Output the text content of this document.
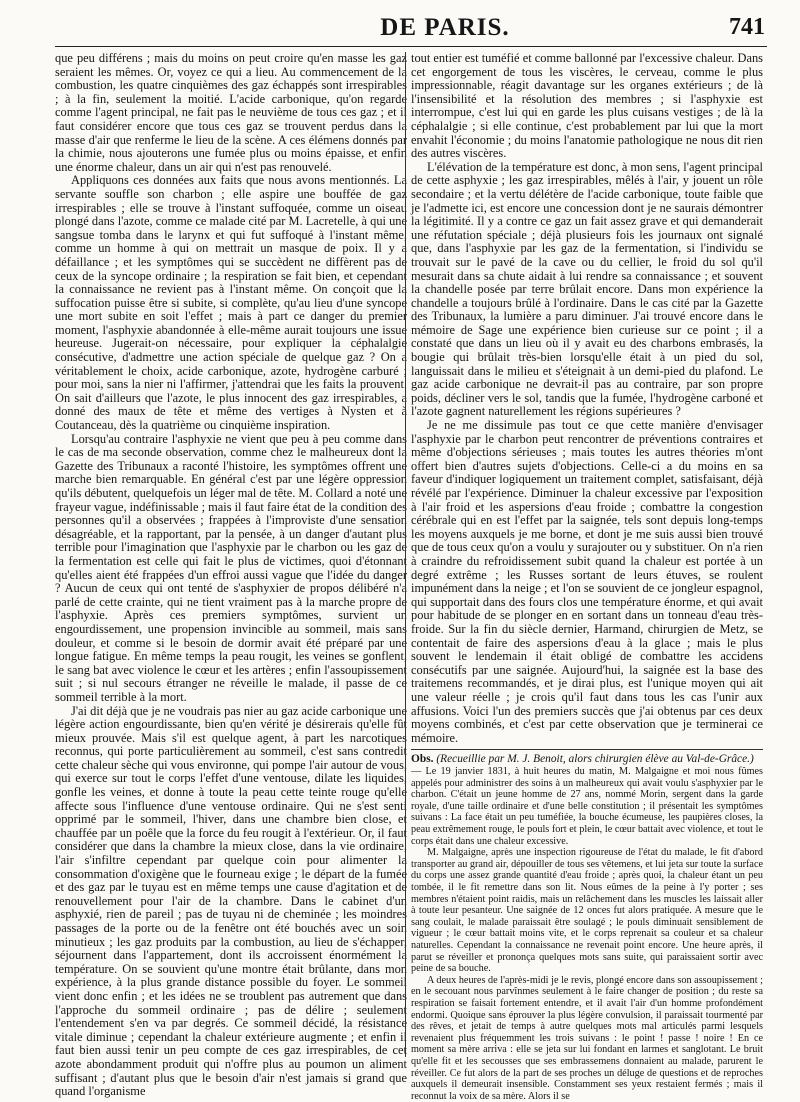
DE PARIS.	741

que peu différens ; mais du moins on peut croire qu'en masse les gaz seraient les mêmes. Or, voyez ce qui a lieu. Au commencement de la combustion, les quatre cinquièmes des gaz échappés sont irrespirables ; à la fin, seulement la moitié. L'acide carbonique, qu'on regarde comme l'agent principal, ne fait pas le neuvième de tous ces gaz ; et il faut considérer encore que tous ces gaz se trouvent perdus dans la masse d'air que renferme le lieu de la scène. A ces élémens donnés par la chimie, nous ajouterons une fumée plus ou moins épaisse, et enfin une énorme chaleur, dans un air qui n'est pas renouvelé.

Appliquons ces données aux faits que nous avons mentionnés. La servante souffle son charbon ; elle aspire une bouffée de gaz irrespirables ; elle se trouve à l'instant suffoquée, comme un oiseau plongé dans l'azote, comme ce malade cité par M. Lacretelle, à qui une sangsue tomba dans le larynx et qui fut suffoqué à l'instant même, comme un homme à qui on mettrait un masque de poix. Il y a défaillance ; et les symptômes qui se succèdent ne diffèrent pas de ceux de la syncope ordinaire ; la respiration se fait bien, et cependant la connaissance ne revient pas à l'instant même. On conçoit que la suffocation puisse être si subite, si complète, qu'au lieu d'une syncope une mort subite en soit l'effet ; mais à part ce danger du premier moment, l'asphyxie abandonnée à elle-même aurait toujours une issue heureuse. Jugerait-on nécessaire, pour expliquer la céphalalgie consécutive, d'admettre une action spéciale de quelque gaz ? On a véritablement le choix, acide carbonique, azote, hydrogène carburé ; pour moi, sans la nier ni l'affirmer, j'attendrai que les faits la prouvent. On sait d'ailleurs que l'azote, le plus innocent des gaz irrespirables, a donné des maux de tête et même des vertiges à Nysten et à Coutanceau, dès la quatrième ou cinquième inspiration.

Lorsqu'au contraire l'asphyxie ne vient que peu à peu comme dans le cas de ma seconde observation, comme chez le malheureux dont la Gazette des Tribunaux a raconté l'histoire, les symptômes offrent une marche bien remarquable. En général c'est par une légère oppression qu'ils débutent, quelquefois un léger mal de tête. M. Collard a noté une frayeur vague, indéfinissable ; mais il faut faire état de la condition des personnes qu'il a observées ; frappées à l'improviste d'une sensation désagréable, et la rapportant, par la pensée, à un danger d'autant plus terrible pour l'imagination que l'asphyxie par le charbon ou les gaz de la fermentation est celle qui fait le plus de victimes, quoi d'étonnant qu'elles aient été frappées d'un effroi aussi vague que l'idée du danger ? Aucun de ceux qui ont tenté de s'asphyxier de propos délibéré n'a parlé de cette crainte, qui ne tient vraiment pas à la marche propre de l'asphyxie. Après ces premiers symptômes, survient un engourdissement, une propension invincible au sommeil, mais sans douleur, et comme si le besoin de dormir avait été préparé par une longue fatigue. En même temps la peau rougit, les veines se gonflent, le sang bat avec violence le cœur et les artères ; enfin l'assoupissement suit ; si nul secours étranger ne réveille le malade, il passe de ce sommeil terrible à la mort.

J'ai dit déjà que je ne voudrais pas nier au gaz acide carbonique une légère action engourdissante, bien qu'en vérité je désirerais qu'elle fût mieux prouvée. Mais s'il est quelque agent, à part les narcotiques reconnus, qui porte particulièrement au sommeil, c'est sans contredit cette chaleur sèche qui vous environne, qui pompe l'air autour de vous, qui exerce sur tout le corps l'effet d'une ventouse, dilate les liquides, gonfle les veines, et donne à toute la peau cette teinte rouge qu'elle affecte sous l'influence d'une ventouse ordinaire. Qui ne s'est senti opprimé par le sommeil, l'hiver, dans une chambre bien close, et chauffée par un poêle que la force du feu rougit à l'extérieur. Or, il faut considérer que dans la chambre la mieux close, dans la vie ordinaire, l'air s'infiltre cependant par quelque coin pour alimenter la consommation d'oxigène que le fourneau exige ; le départ de la fumée et des gaz par le tuyau est en même temps une cause d'agitation et de renouvellement pour l'air de la chambre. Dans le cabinet d'un asphyxié, rien de pareil ; pas de tuyau ni de cheminée ; les moindres passages de la porte ou de la fenêtre ont été bouchés avec un soin minutieux ; les gaz produits par la combustion, au lieu de s'échapper, séjournent dans l'appartement, dont ils accroissent énormément la température. On se souvient qu'une montre était brûlante, dans mon expérience, à la plus grande distance possible du foyer. Le sommeil vient donc enfin ; et les idées ne se troublent pas autrement que dans l'approche du sommeil ordinaire ; pas de délire ; seulement l'entendement s'en va par degrés. Ce sommeil décidé, la résistance vitale diminue ; cependant la chaleur extérieure augmente ; et enfin il faut bien aussi tenir un peu compte de ces gaz irrespirables, de cet azote abondamment produit qui n'offre plus au poumon un aliment suffisant ; d'autant plus que le besoin d'air n'est jamais si grand que quand l'organisme

tout entier est tuméfié et comme ballonné par l'excessive chaleur. Dans cet engorgement de tous les viscères, le cerveau, comme le plus impressionnable, réagit davantage sur les organes extérieurs ; de là l'insensibilité et la résolution des membres ; si l'asphyxie est interrompue, c'est lui qui en garde les plus cuisans vestiges ; de là la céphalalgie ; si elle continue, c'est probablement par lui que la mort envahit l'économie ; du moins l'anatomie pathologique ne nous dit rien des autres viscères.

L'élévation de la température est donc, à mon sens, l'agent principal de cette asphyxie ; les gaz irrespirables, mêlés à l'air, y jouent un rôle secondaire ; et la vertu délétère de l'acide carbonique, toute faible que je l'admette ici, est encore une concession dont je ne saurais démontrer la légitimité. Il y a contre ce gaz un fait assez grave et qui demanderait une réfutation spéciale ; déjà plusieurs fois les journaux ont signalé que, dans l'asphyxie par les gaz de la fermentation, si l'individu se trouvait sur le pavé de la cave ou du cellier, le froid du sol qu'il mesurait dans sa chute aidait à lui rendre sa connaissance ; et souvent la chandelle posée par terre brûlait encore. Dans mon expérience la chandelle a toujours brûlé à l'ordinaire. Dans le cas cité par la Gazette des Tribunaux, la lumière a paru diminuer. J'ai trouvé encore dans le mémoire de Sage une expérience bien curieuse sur ce point ; il a constaté que dans un lieu où il y avait eu des charbons embrasés, la bougie qui brûlait très-bien lorsqu'elle était à un pied du sol, languissait dans le milieu et s'éteignait à un demi-pied du plafond. Le gaz acide carbonique ne devrait-il pas au contraire, par son propre poids, décliner vers le sol, tandis que la fumée, l'hydrogène carboné et l'azote gagnent naturellement les régions supérieures ?

Je ne me dissimule pas tout ce que cette manière d'envisager l'asphyxie par le charbon peut rencontrer de préventions contraires et même d'objections sérieuses ; mais toutes les autres théories m'ont offert bien d'autres sujets d'objections. Celle-ci a du moins en sa faveur d'indiquer logiquement un traitement complet, satisfaisant, déjà révélé par l'expérience. Diminuer la chaleur excessive par l'exposition à l'air froid et les aspersions d'eau froide ; combattre la congestion cérébrale qui en est l'effet par la saignée, tels sont depuis long-temps les moyens auxquels je me borne, et dont je me suis aussi bien trouvé que de tous ceux qu'on a voulu y surajouter ou y substituer. On n'a rien à craindre du refroidissement subit quand la chaleur est portée à un degré extrême ; les Russes sortant de leurs étuves, se roulent impunément dans la neige ; et l'on se souvient de ce jongleur espagnol, qui supportait dans des fours clos une température énorme, et qui avait pour habitude de se plonger en en sortant dans un tonneau d'eau très-froide. Sur la fin du siècle dernier, Harmand, chirurgien de Metz, se contentait de faire des aspersions d'eau à la glace ; mais le plus souvent le lendemain il était obligé de combattre les accidens consécutifs par une saignée. Aujourd'hui, la saignée est la base des traitemens recommandés, et je dirai plus, est l'unique moyen qui ait une valeur réelle ; je crois qu'il faut dans tous les cas l'unir aux affusions. Voici l'un des premiers succès que j'ai obtenus par ces deux moyens combinés, et c'est par cette observation que je terminerai ce mémoire.

Obs. (Recueillie par M. J. Benoit, alors chirurgien élève au Val-de-Grâce.)

— Le 19 janvier 1831, à huit heures du matin, M. Malgaigne et moi nous fûmes appelés pour administrer des soins à un malheureux qui avait voulu s'asphyxier par le charbon. C'était un jeune homme de 27 ans, nommé Morin, sergent dans la garde royale, d'une taille ordinaire et d'une belle constitution ; il présentait les symptômes suivans : La face était un peu tuméfiée, la bouche écumeuse, les paupières closes, la peau extrêmement rouge, le pouls fort et plein, le cœur battait avec violence, et tout le corps était dans une chaleur excessive.

M. Malgaigne, après une inspection rigoureuse de l'état du malade, le fit d'abord transporter au grand air, dépouiller de tous ses vêtemens, et lui jeta sur toute la surface du corps une assez grande quantité d'eau froide ; après quoi, la chaleur étant un peu tombée, il le fit remettre dans son lit. Nous eûmes de la peine à l'y porter ; ses membres n'étaient point raidis, mais un relâchement dans les muscles les laissait aller à toute leur pesanteur. Une saignée de 12 onces fut alors pratiquée. A mesure que le sang coulait, le malade paraissait être soulagé ; le pouls diminuait sensiblement de vigueur ; le cœur battait moins vite, et le corps reprenait sa couleur et sa chaleur naturelles. Cependant la connaissance ne revenait point encore. Une heure après, il parut se réveiller et prononça quelques mots sans suite, qui paraissaient sortir avec peine de sa bouche.

A deux heures de l'après-midi je le revis, plongé encore dans son assoupissement ; en le secouant nous parvînmes seulement à le faire changer de position ; du reste sa respiration se faisait fortement entendre, et il avait l'air d'un homme profondément endormi. Quoique sans éprouver la plus légère convulsion, il paraissait tourmenté par des rêves, et jetait de temps à autre quelques mots mal articulés parmi lesquels revenaient plus fréquemment les trois suivans : le point ! passe ! noire ! En ce moment sa mère arriva : elle se jeta sur lui fondant en larmes et sanglotant. Le bruit qu'elle fit et les secousses que ses embrassemens donnaient au malade, parurent le réveiller. Ce fut alors de la part de ses proches un déluge de questions et de reproches auxquels il demeurait insensible. Constamment ses yeux restaient fermés ; mais il reconnut la voix de sa mère. Alors il se
